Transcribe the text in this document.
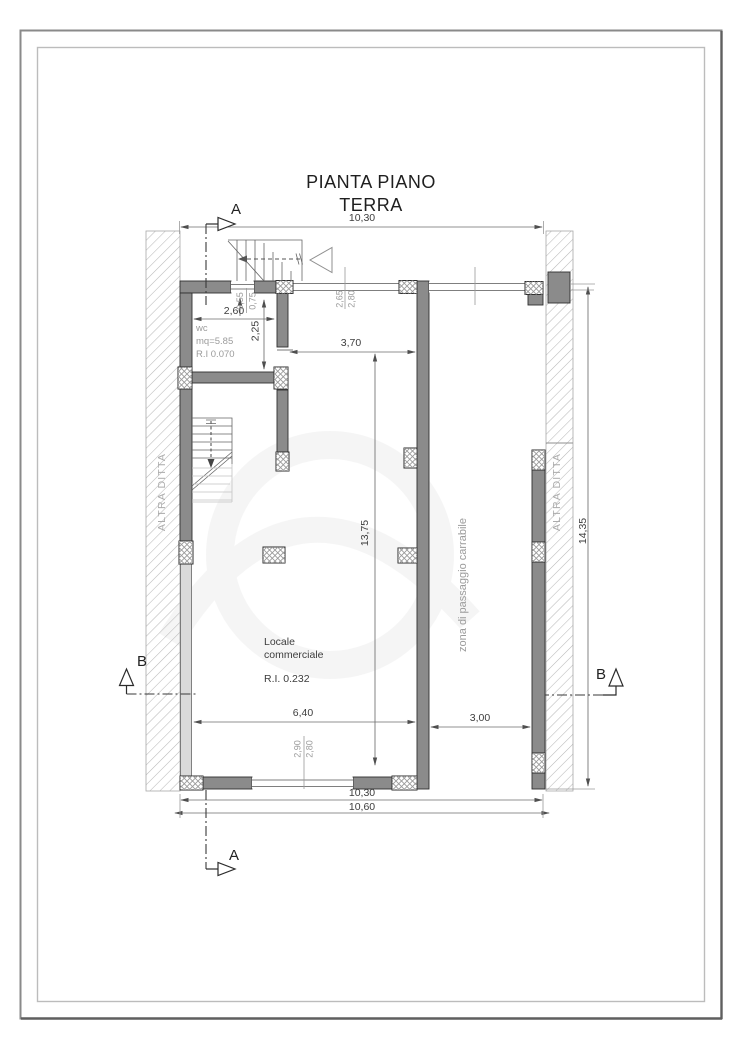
PIANTA PIANO
TERRA
10,30
14,35
2,60
2,25
0,55 0,75	2,65 2,80
3,70
13,75
6,40	3,00
2,90 2,80
10,30
10,60
wc
mq=5.85
R.I 0.070
Locale
commerciale
R.I. 0.232
zona di passaggio carrabile
ALTRA DITTA	ALTRA DITTA
A
A
B
B
